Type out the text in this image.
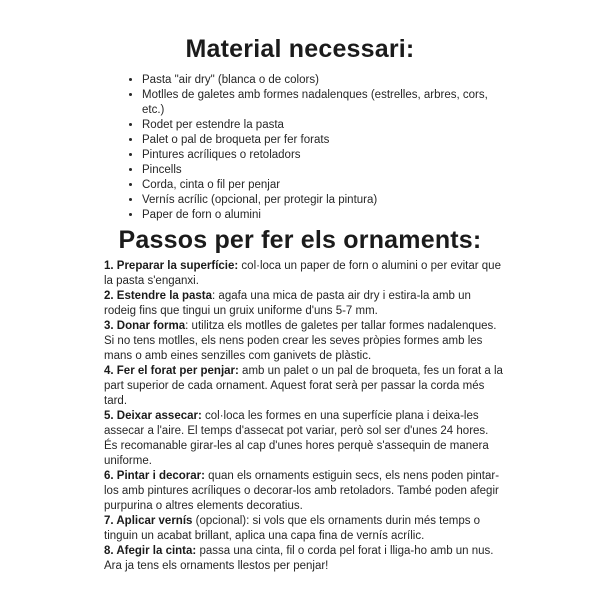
Material necessari:
• Pasta "air dry" (blanca o de colors)
• Motlles de galetes amb formes nadalenques (estrelles, arbres, cors, etc.)
• Rodet per estendre la pasta
• Palet o pal de broqueta per fer forats
• Pintures acríliques o retoladors
• Pincells
• Corda, cinta o fil per penjar
• Vernís acrílic (opcional, per protegir la pintura)
• Paper de forn o alumini
Passos per fer els ornaments:

1. Preparar la superfície: col·loca un paper de forn o alumini o per evitar que la pasta s'enganxi.

2. Estendre la pasta: agafa una mica de pasta air dry i estira-la amb un rodeig fins que tingui un gruix uniforme d'uns 5-7 mm.

3. Donar forma: utilitza els motlles de galetes per tallar formes nadalenques. Si no tens motlles, els nens poden crear les seves pròpies formes amb les mans o amb eines senzilles com ganivets de plàstic.

4. Fer el forat per penjar: amb un palet o un pal de broqueta, fes un forat a la part superior de cada ornament. Aquest forat serà per passar la corda més tard.

5. Deixar assecar: col·loca les formes en una superfície plana i deixa-les assecar a l'aire. El temps d'assecat pot variar, però sol ser d'unes 24 hores. És recomanable girar-les al cap d'unes hores perquè s'assequin de manera uniforme.

6. Pintar i decorar: quan els ornaments estiguin secs, els nens poden pintar-los amb pintures acríliques o decorar-los amb retoladors. També poden afegir purpurina o altres elements decoratius.

7. Aplicar vernís (opcional): si vols que els ornaments durin més temps o tinguin un acabat brillant, aplica una capa fina de vernís acrílic.

8. Afegir la cinta: passa una cinta, fil o corda pel forat i lliga-ho amb un nus. Ara ja tens els ornaments llestos per penjar!
